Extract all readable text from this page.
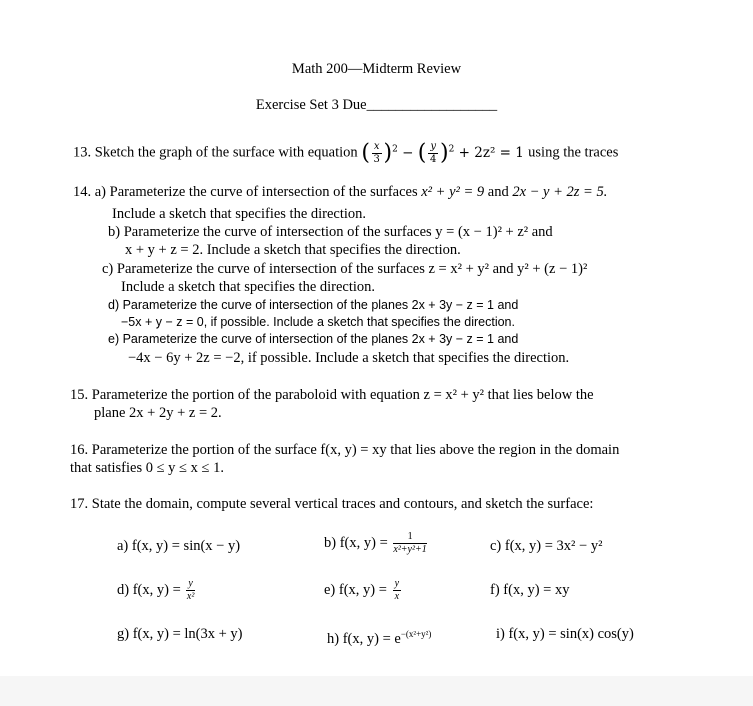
Math 200—Midterm Review
Exercise Set 3 Due__________________
13. Sketch the graph of the surface with equation ( $\frac{x}{3} )^2$ − ( $\frac{y}{4} )^2 + 2z^2 = 1$ using the traces
14. a) Parameterize the curve of intersection of the surfaces x² + y² = 9 and 2x − y + 2z = 5.
Include a sketch that specifies the direction.
b) Parameterize the curve of intersection of the surfaces y = (x − 1)² + z² and
x + y + z = 2. Include a sketch that specifies the direction.
c) Parameterize the curve of intersection of the surfaces z = x² + y² and y² + (z − 1)²
Include a sketch that specifies the direction.
d) Parameterize the curve of intersection of the planes 2x + 3y − z = 1 and
−5x + y − z = 0, if possible. Include a sketch that specifies the direction.
e) Parameterize the curve of intersection of the planes 2x + 3y − z = 1 and
−4x − 6y + 2z = −2, if possible. Include a sketch that specifies the direction.
15. Parameterize the portion of the paraboloid with equation z = x² + y² that lies below the
plane 2x + 2y + z = 2.
16. Parameterize the portion of the surface f(x, y) = xy that lies above the region in the domain
that satisfies 0 ≤ y ≤ x ≤ 1.
17. State the domain, compute several vertical traces and contours, and sketch the surface:
a) f(x, y) = sin(x − y)	b) f(x, $y) = \frac{1}{\text{x²+y²+1}}$	c) f(x, y) = 3x² − y²
d) f(x, $y) = \frac{y}{\text{x²}}$	e) f(x, $y) = \frac{y}{x}$	f) f(x, y) = xy
g) f(x, y) = ln(3x + y)	h) f(x, $y) = e^{-(x^2+y^2)}$	i) f(x, y) = sin(x) cos(y)
